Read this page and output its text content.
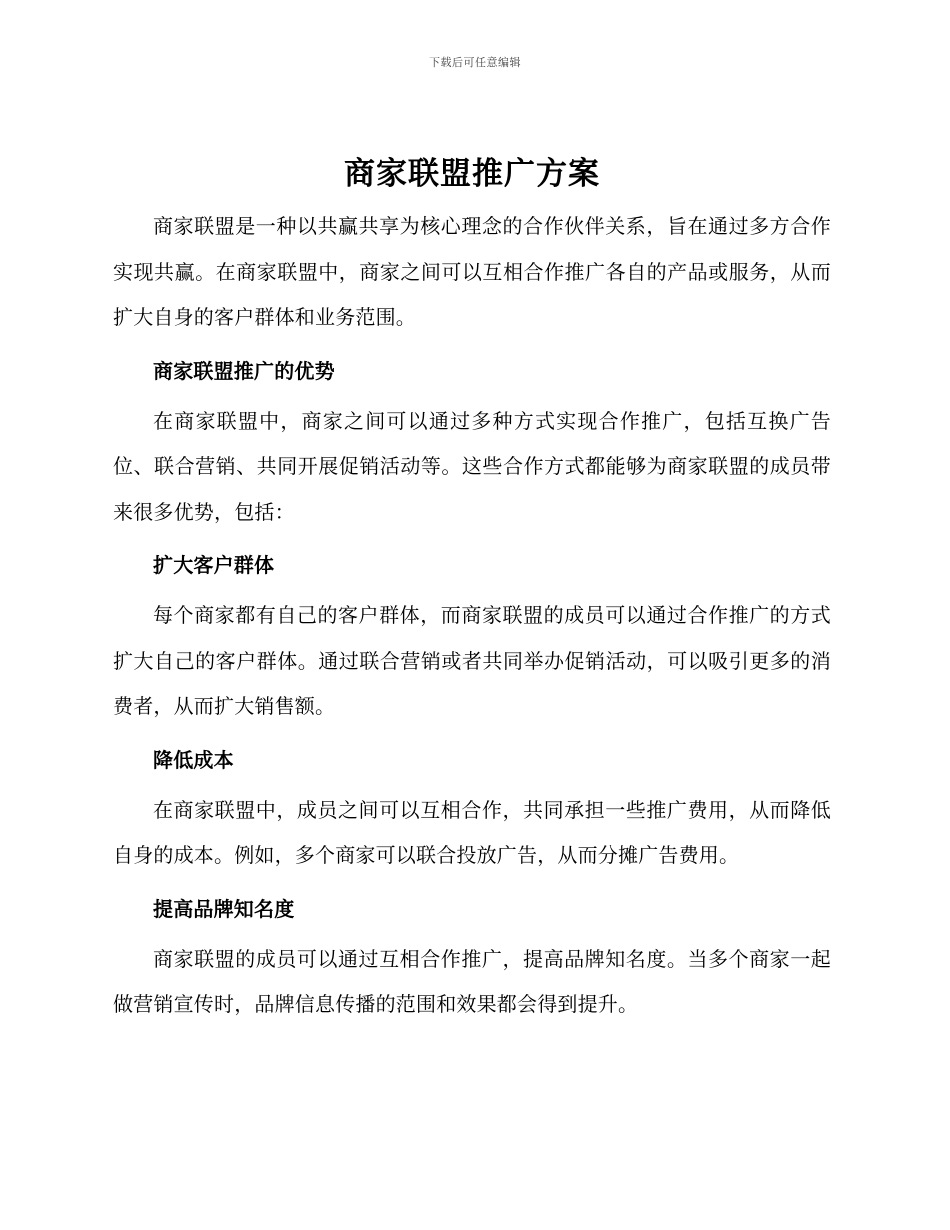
下载后可任意编辑
商家联盟推广方案

商家联盟是一种以共赢共享为核心理念的合作伙伴关系，旨在通过多方合作实现共赢。在商家联盟中，商家之间可以互相合作推广各自的产品或服务，从而扩大自身的客户群体和业务范围。

商家联盟推广的优势

在商家联盟中，商家之间可以通过多种方式实现合作推广，包括互换广告位、联合营销、共同开展促销活动等。这些合作方式都能够为商家联盟的成员带来很多优势，包括：

扩大客户群体

每个商家都有自己的客户群体，而商家联盟的成员可以通过合作推广的方式扩大自己的客户群体。通过联合营销或者共同举办促销活动，可以吸引更多的消费者，从而扩大销售额。

降低成本

在商家联盟中，成员之间可以互相合作，共同承担一些推广费用，从而降低自身的成本。例如，多个商家可以联合投放广告，从而分摊广告费用。

提高品牌知名度

商家联盟的成员可以通过互相合作推广，提高品牌知名度。当多个商家一起做营销宣传时，品牌信息传播的范围和效果都会得到提升。
